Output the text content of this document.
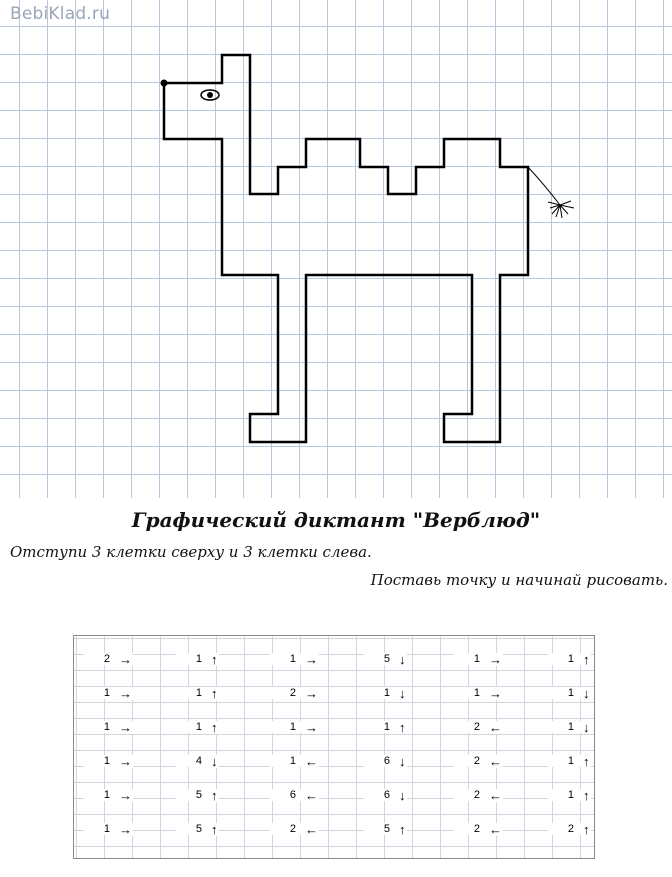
BebiKlad.ru
Графический диктант "Верблюд"
Отступи 3 клетки сверху и 3 клетки слева.
Поставь точку и начинай рисовать.
2 →	1 ↑	1 →	5 ↓	1 →	1 ↑
1 →	1 ↑	2 →	1 ↓	1 →	1 ↓
1 →	1 ↑	1 →	1 ↑	2 ←	1 ↓
1 →	4 ↓	1 ←	6 ↓	2 ←	1 ↑
1 →	5 ↑	6 ←	6 ↓	2 ←	1 ↑
1 →	5 ↑	2 ←	5 ↑	2 ←	2 ↑
